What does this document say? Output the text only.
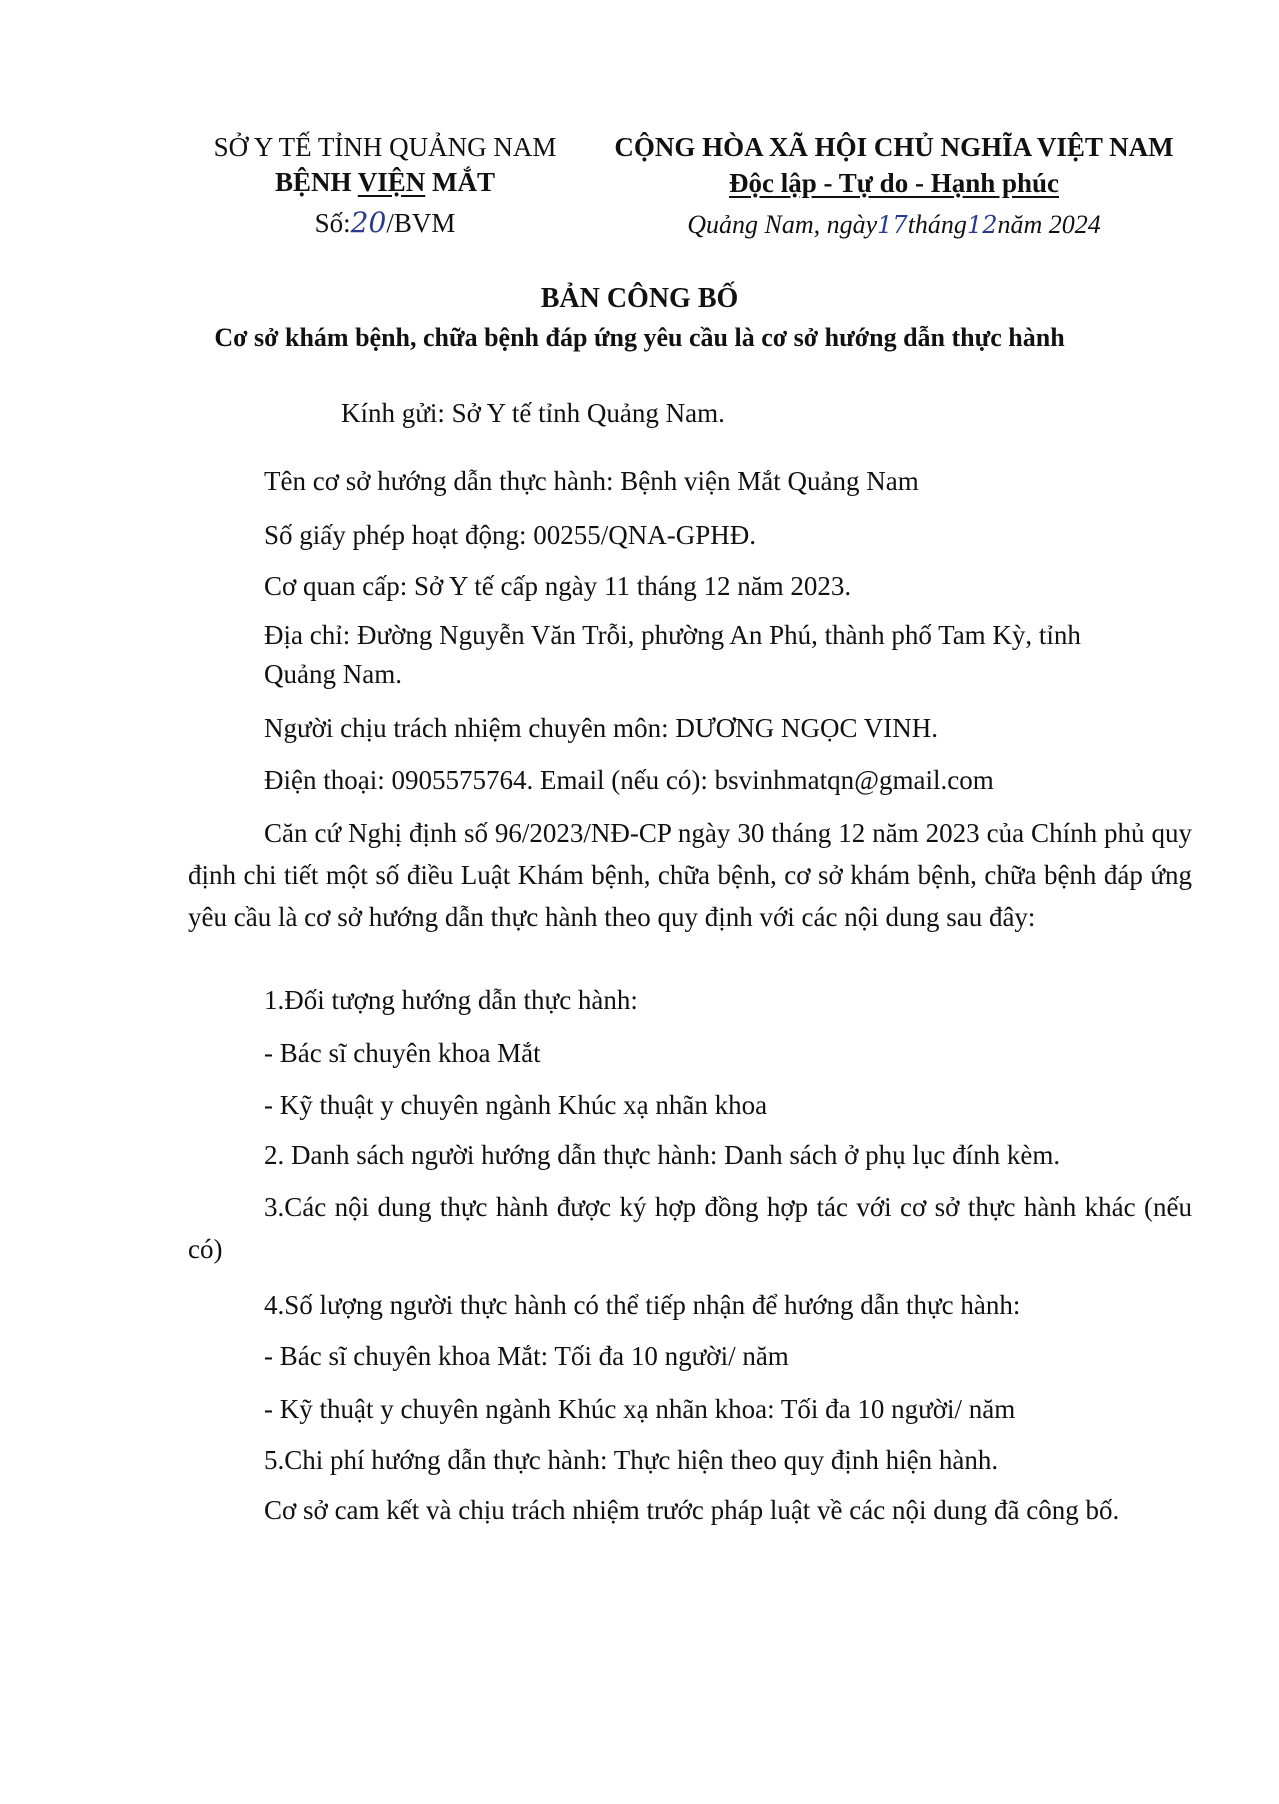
SỞ Y TẾ TỈNH QUẢNG NAM
BỆNH VIỆN MẮT
Số:20/BVM
CỘNG HÒA XÃ HỘI CHỦ NGHĨA VIỆT NAM
Độc lập - Tự do - Hạnh phúc
Quảng Nam, ngày17tháng12năm 2024
BẢN CÔNG BỐ
Cơ sở khám bệnh, chữa bệnh đáp ứng yêu cầu là cơ sở hướng dẫn thực hành
Kính gửi: Sở Y tế tỉnh Quảng Nam.
Tên cơ sở hướng dẫn thực hành: Bệnh viện Mắt Quảng Nam
Số giấy phép hoạt động: 00255/QNA-GPHĐ.
Cơ quan cấp: Sở Y tế cấp ngày 11 tháng 12 năm 2023.
Địa chỉ: Đường Nguyễn Văn Trỗi, phường An Phú, thành phố Tam Kỳ, tỉnh
Quảng Nam.
Người chịu trách nhiệm chuyên môn: DƯƠNG NGỌC VINH.
Điện thoại: 0905575764. Email (nếu có): bsvinhmatqn@gmail.com
Căn cứ Nghị định số 96/2023/NĐ-CP ngày 30 tháng 12 năm 2023 của Chính phủ quy định chi tiết một số điều Luật Khám bệnh, chữa bệnh, cơ sở khám bệnh, chữa bệnh đáp ứng yêu cầu là cơ sở hướng dẫn thực hành theo quy định với các nội dung sau đây:
1.Đối tượng hướng dẫn thực hành:
- Bác sĩ chuyên khoa Mắt
- Kỹ thuật y chuyên ngành Khúc xạ nhãn khoa
2. Danh sách người hướng dẫn thực hành: Danh sách ở phụ lục đính kèm.
3.Các nội dung thực hành được ký hợp đồng hợp tác với cơ sở thực hành khác (nếu có)
4.Số lượng người thực hành có thể tiếp nhận để hướng dẫn thực hành:
- Bác sĩ chuyên khoa Mắt: Tối đa 10 người/ năm
- Kỹ thuật y chuyên ngành Khúc xạ nhãn khoa: Tối đa 10 người/ năm
5.Chi phí hướng dẫn thực hành: Thực hiện theo quy định hiện hành.
Cơ sở cam kết và chịu trách nhiệm trước pháp luật về các nội dung đã công bố.
